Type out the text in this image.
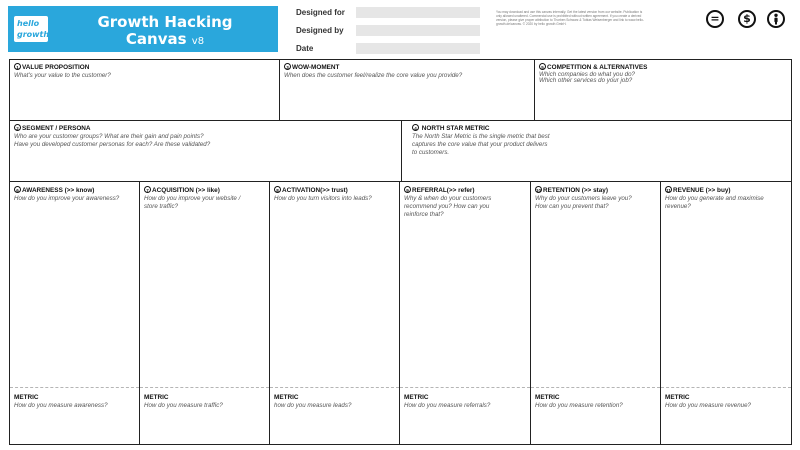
hello
growth
Growth Hacking
Canvas v8
Designed for
Designed by
Date
You may download and use this canvas internally. Get the latest version from our website. Publication is only allowed unaltered. Commercial use is prohibited without written agreement. If you create a derived version, please give proper attribution to Thorben Schwarz & Tobias Weisenberger and link to www.hello-growth.de/canvas. © 2020 by hello growth GmbH.	=	$
1 VALUE PROPOSITION
What's your value to the customer?
3 WOW-MOMENT
When does the customer feel/realize the core value you provide?
5 COMPETITION & ALTERNATIVES
Which companies do what you do?
Which other services do your job?
2 SEGMENT / PERSONA
Who are your customer groups? What are their gain and pain points?
Have you developed customer personas for each? Are these validated?
4 NORTH STAR METRIC
The North Star Metric is the single metric that best
captures the core value that your product delivers
to customers.
6 AWARENESS (>> know)
How do you improve your awareness?
METRIC
How do you measure awareness?
7 ACQUISITION (>> like)
How do you improve your website /
store traffic?
METRIC
How do you measure traffic?
8 ACTIVATION(>> trust)
How do you turn visitors into leads?
METRIC
how do you measure leads?
9 REFERRAL(>> refer)
Why & when do your customers
recommend you? How can you
reinforce that?
METRIC
How do you measure referrals?
10 RETENTION (>> stay)
Why do your customers leave you?
How can you prevent that?
METRIC
How do you measure retention?
11 REVENUE (>> buy)
How do you generate and maximise
revenue?
METRIC
How do you measure revenue?
